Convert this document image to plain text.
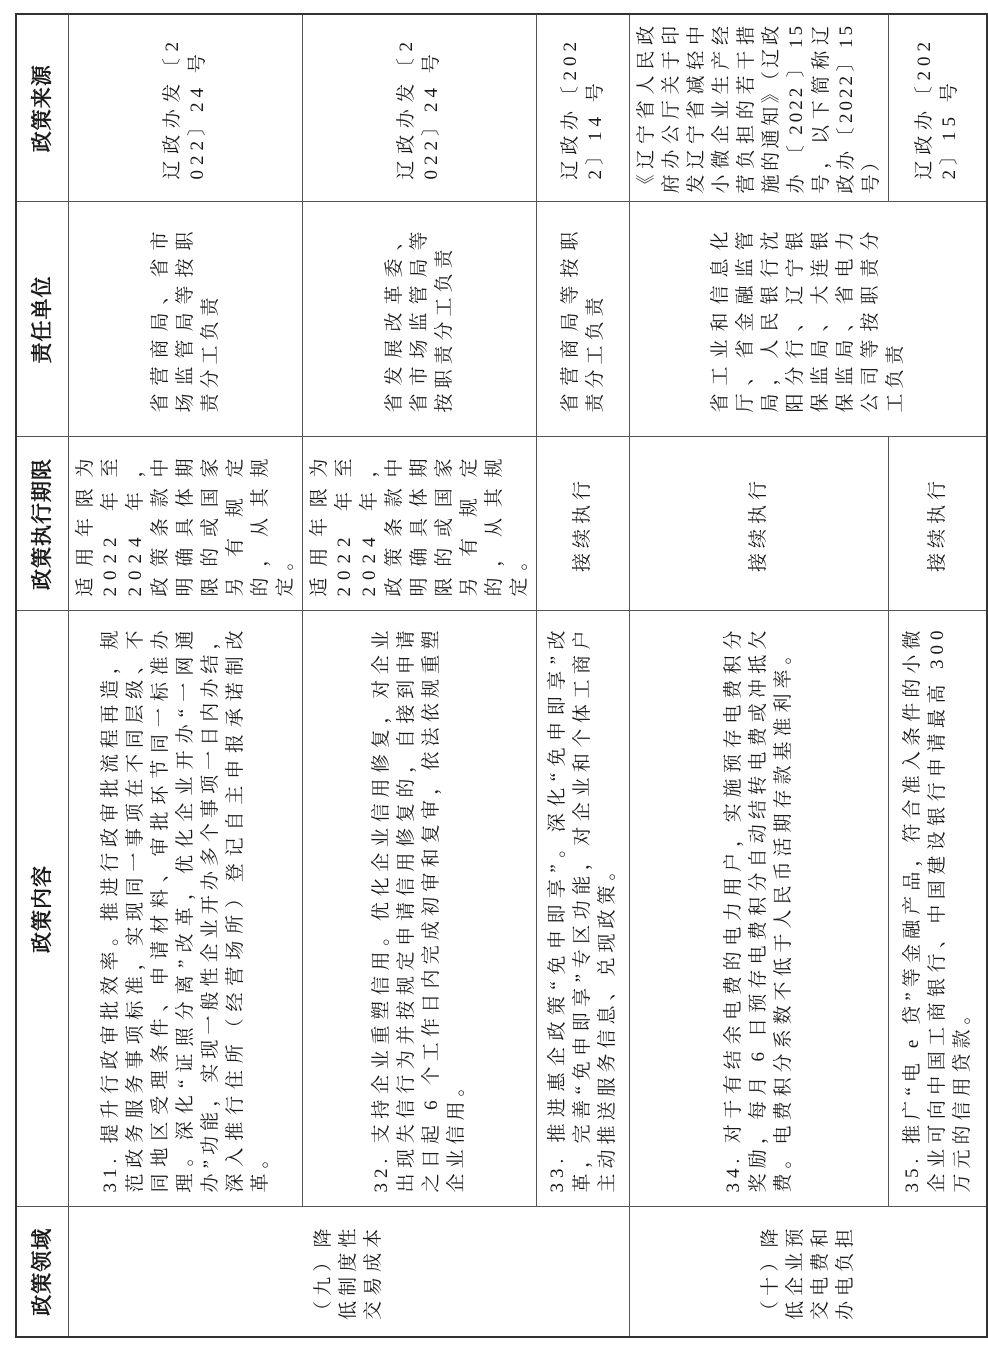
政策领域	政策内容	政策执行期限	责任单位	政策来源
（九）降低制度性交易成本	31. 提升行政审批效率。推进行政审批流程再造，规范政务服务事项标准，实现同一事项在不同层级、不同地区受理条件、申请材料、审批环节同一标准办理。深化“证照分离”改革，优化企业开办“一网通办”功能，实现一般性企业开办多个事项一日内办结，深入推行住所（经营场所）登记自主申报承诺制改革。	适用年限为2022 年至 2024 年，政策条款中明确具体期限的或国家另有规定的，从其规定。	省营商局、省市场监管局等按职责分工负责	辽政办发〔2022〕24 号
	32. 支持企业重塑信用。优化企业信用修复，对企业出现失信行为并按规定申请信用修复的，自接到申请之日起 6 个工作日内完成初审和复审，依法依规重塑企业信用。	适用年限为2022 年至 2024 年，政策条款中明确具体期限的或国家另有规定的，从其规定。	省发展改革委、省市场监管局等按职责分工负责	辽政办发〔2022〕24 号
	33. 推进惠企政策“免申即享”。深化“免申即享”改革，完善“免申即享”专区功能，对企业和个体工商户主动推送服务信息、兑现政策。	接续执行	省营商局等按职责分工负责	辽政办〔2022〕14 号
（十）降低企业预交电费和办电负担	34. 对于有结余电费的电力用户，实施预存电费积分奖励，每月 6 日预存电费积分自动结转电费或冲抵欠费。电费积分系数不低于人民币活期存款基准利率。	接续执行	省工业和信息化厅、省金融监管局，人民银行沈阳分行、辽宁银保监局、大连银保监局、省电力公司等按职责分工负责	《辽宁省人民政府办公厅关于印发辽宁省减轻中小微企业生产经营负担的若干措施的通知》（辽政办〔2022〕15 号，以下简称辽政办〔2022〕15 号）
	35. 推广“电 e 贷”等金融产品，符合准入条件的小微企业可向中国工商银行、中国建设银行申请最高 300 万元的信用贷款。	接续执行		辽政办〔2022〕15 号
